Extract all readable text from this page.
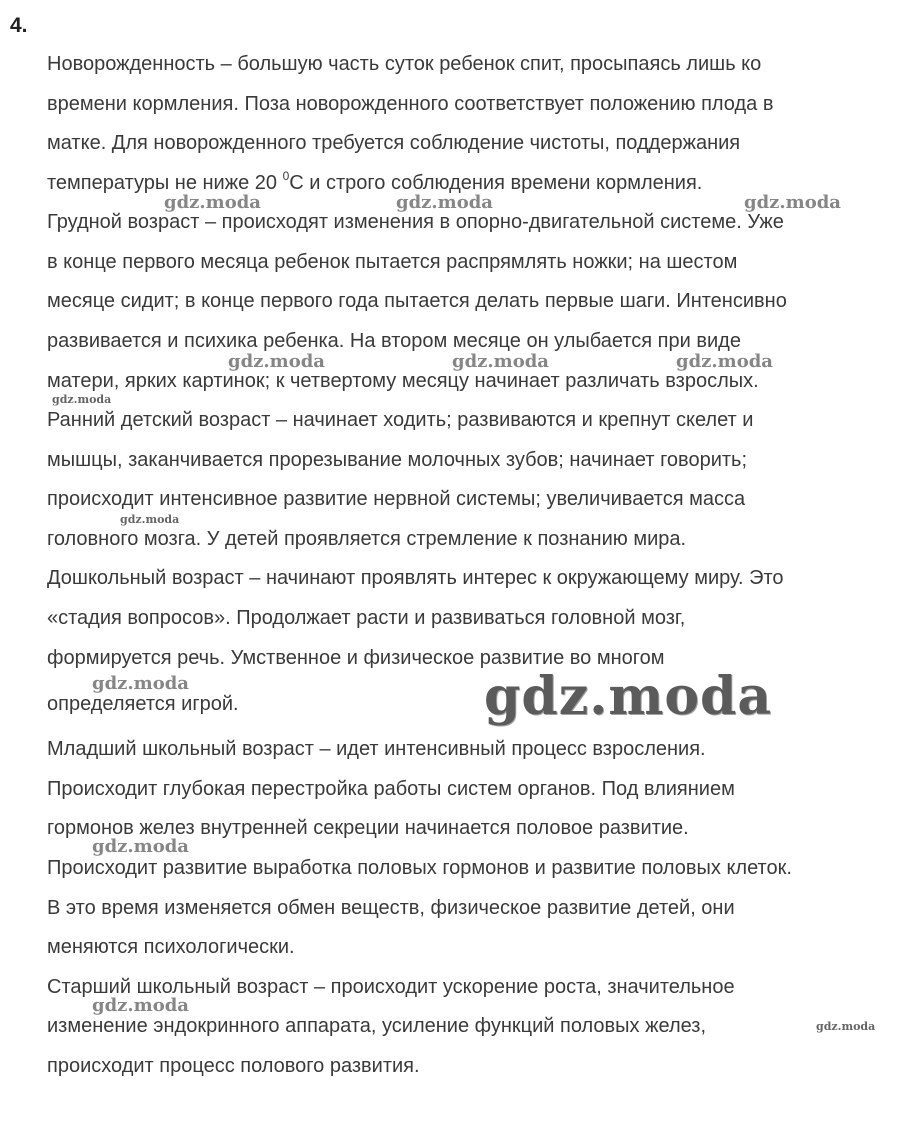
4.
Новорожденность – большую часть суток ребенок спит, просыпаясь лишь ко
времени кормления. Поза новорожденного соответствует положению плода в
матке. Для новорожденного требуется соблюдение чистоты, поддержания
температуры не ниже 20 $^0$С и строго соблюдения времени кормления.
Грудной возраст – происходят изменения в опорно-двигательной системе. Уже
в конце первого месяца ребенок пытается распрямлять ножки; на шестом
месяце сидит; в конце первого года пытается делать первые шаги. Интенсивно
развивается и психика ребенка. На втором месяце он улыбается при виде
матери, ярких картинок; к четвертому месяцу начинает различать взрослых.
Ранний детский возраст – начинает ходить; развиваются и крепнут скелет и
мышцы, заканчивается прорезывание молочных зубов; начинает говорить;
происходит интенсивное развитие нервной системы; увеличивается масса
головного мозга. У детей проявляется стремление к познанию мира.
Дошкольный возраст – начинают проявлять интерес к окружающему миру. Это
«стадия вопросов». Продолжает расти и развиваться головной мозг,
формируется речь. Умственное и физическое развитие во многом
определяется игрой.
Младший школьный возраст – идет интенсивный процесс взросления.
Происходит глубокая перестройка работы систем органов. Под влиянием
гормонов желез внутренней секреции начинается половое развитие.
Происходит развитие выработка половых гормонов и развитие половых клеток.
В это время изменяется обмен веществ, физическое развитие детей, они
меняются психологически.
Старший школьный возраст – происходит ускорение роста, значительное
изменение эндокринного аппарата, усиление функций половых желез,
происходит процесс полового развития.
gdz.moda	gdz.moda	gdz.moda
gdz.moda	gdz.moda	gdz.moda
gdz.moda
gdz.moda
gdz.moda	gdz.moda
gdz.moda
gdz.moda
gdz.moda
